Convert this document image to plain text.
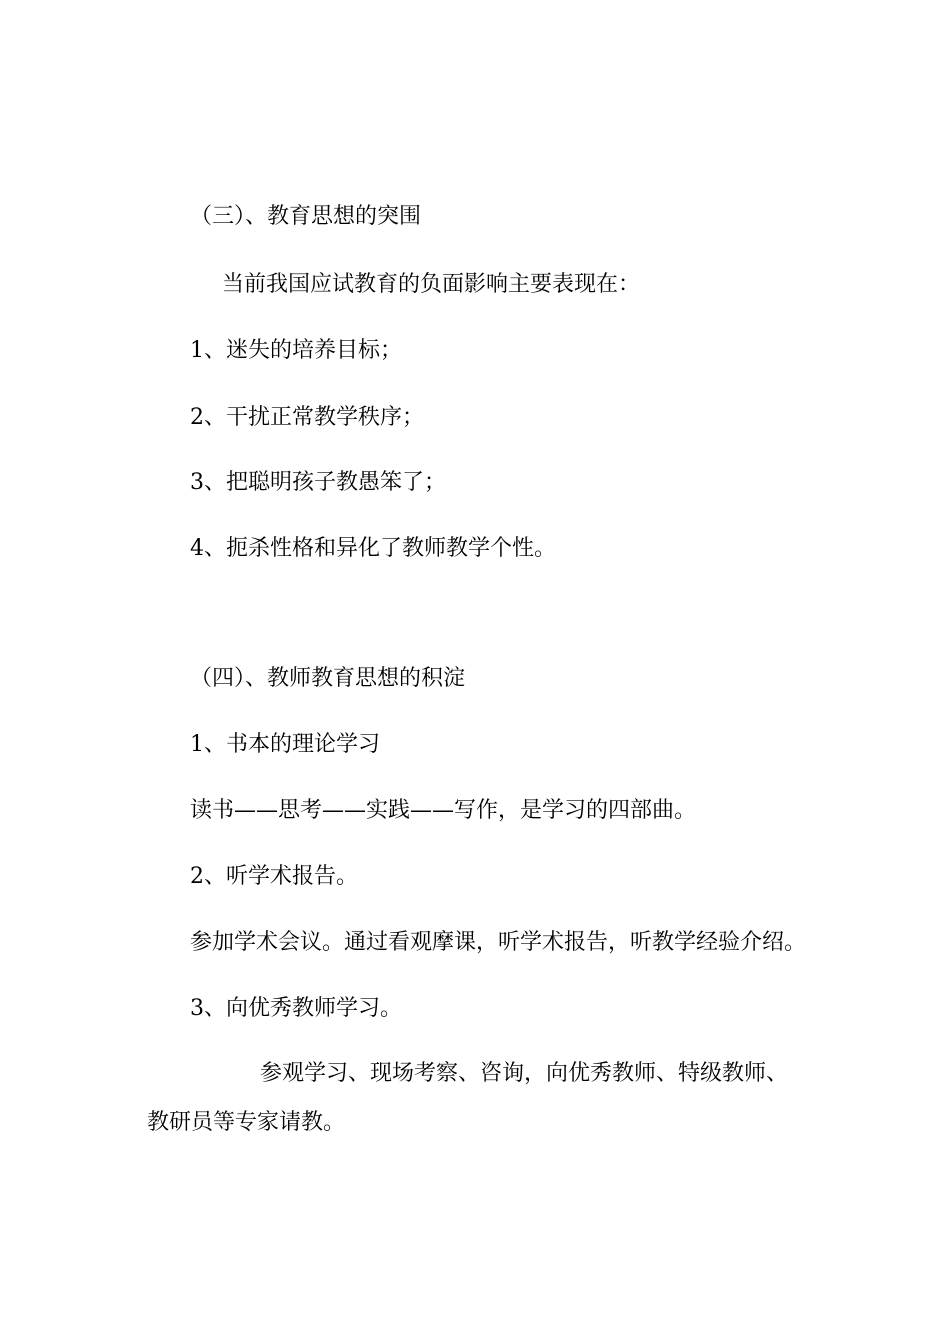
（三）、教育思想的突围

当前我国应试教育的负面影响主要表现在：

1、迷失的培养目标；

2、干扰正常教学秩序；

3、把聪明孩子教愚笨了；

4、扼杀性格和异化了教师教学个性。

（四）、教师教育思想的积淀

1、书本的理论学习

读书——思考——实践——写作，是学习的四部曲。

2、听学术报告。

参加学术会议。通过看观摩课，听学术报告，听教学经验介绍。

3、向优秀教师学习。

参观学习、现场考察、咨询，向优秀教师、特级教师、

教研员等专家请教。
